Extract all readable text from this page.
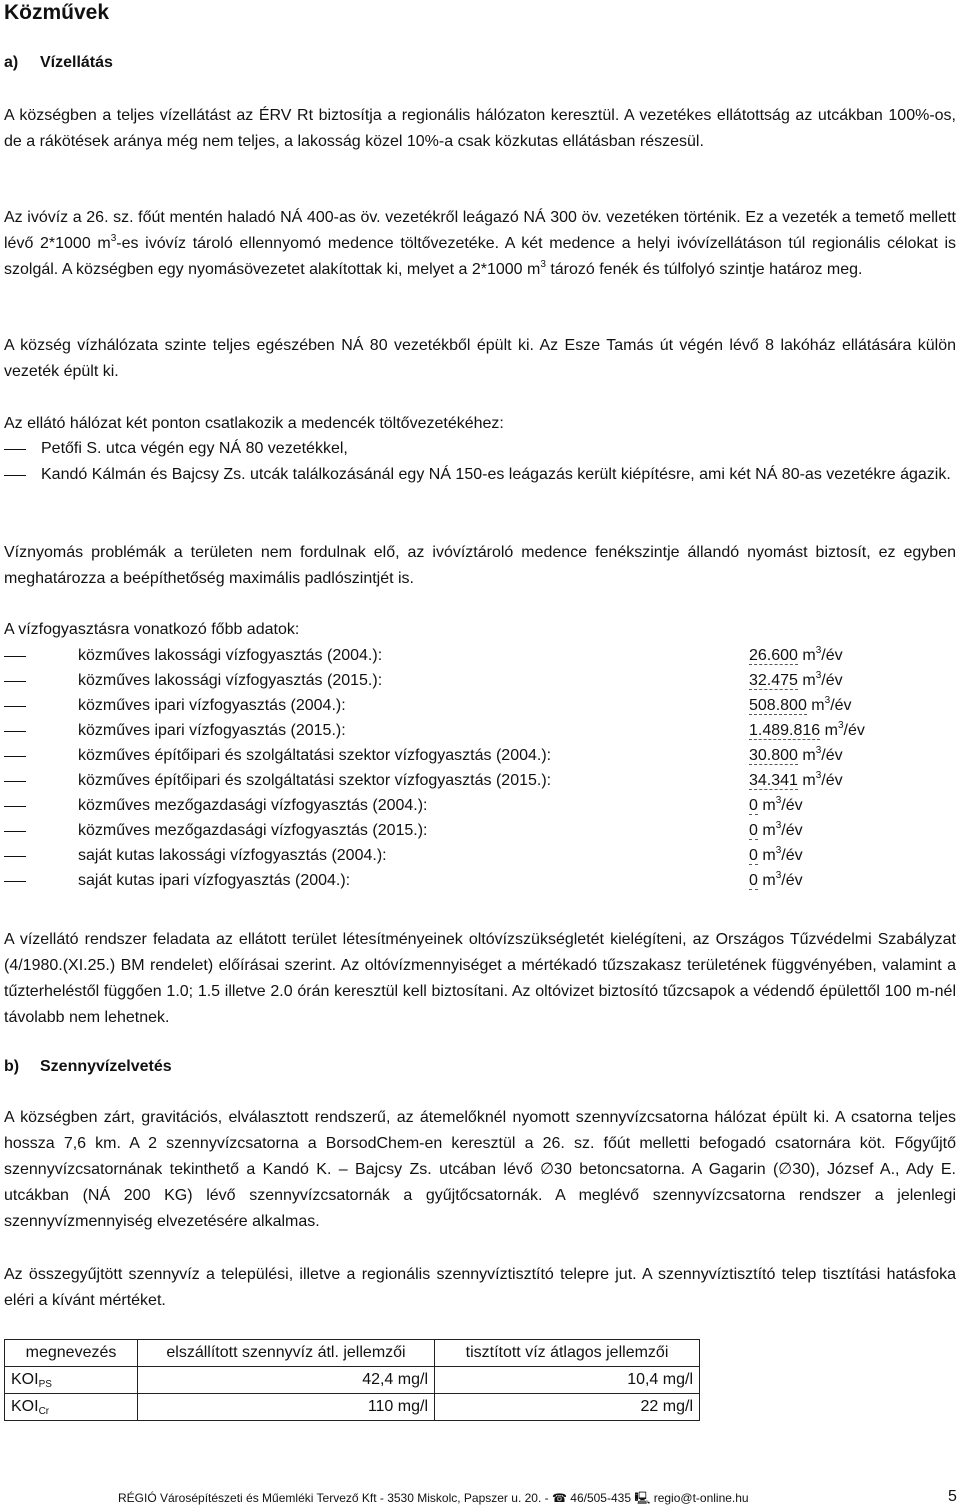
Közművek
a) Vízellátás
A községben a teljes vízellátást az ÉRV Rt biztosítja a regionális hálózaton keresztül. A vezetékes ellátottság az utcákban 100%-os, de a rákötések aránya még nem teljes, a lakosság közel 10%-a csak közkutas ellátásban részesül.
Az ivóvíz a 26. sz. főút mentén haladó NÁ 400-as öv. vezetékről leágazó NÁ 300 öv. vezetéken történik. Ez a vezeték a temető mellett lévő 2*1000 $m^3-es$ ivóvíz tároló ellennyomó medence töltővezetéke. A két medence a helyi ivóvízellátáson túl regionális célokat is szolgál. A községben egy nyomásövezetet alakítottak ki, melyet a 2*1000 $m^3$ tározó fenék és túlfolyó szintje határoz meg.
A község vízhálózata szinte teljes egészében NÁ 80 vezetékből épült ki. Az Esze Tamás út végén lévő 8 lakóház ellátására külön vezeték épült ki.
Az ellátó hálózat két ponton csatlakozik a medencék töltővezetékéhez:
Petőfi S. utca végén egy NÁ 80 vezetékkel,
Kandó Kálmán és Bajcsy Zs. utcák találkozásánál egy NÁ 150-es leágazás került kiépítésre, ami két NÁ 80-as vezetékre ágazik.
Víznyomás problémák a területen nem fordulnak elő, az ivóvíztároló medence fenékszintje állandó nyomást biztosít, ez egyben meghatározza a beépíthetőség maximális padlószintjét is.
A vízfogyasztásra vonatkozó főbb adatok:
közműves lakossági vízfogyasztás (2004.):	26.600 $m^3/év$
közműves lakossági vízfogyasztás (2015.):	32.475 $m^3/év$
közműves ipari vízfogyasztás (2004.):	508.800 $m^3/év$
közműves ipari vízfogyasztás (2015.):	1.489.816 $m^3/év$
közműves építőipari és szolgáltatási szektor vízfogyasztás (2004.):	30.800 $m^3/év$
közműves építőipari és szolgáltatási szektor vízfogyasztás (2015.):	34.341 $m^3/év$
közműves mezőgazdasági vízfogyasztás (2004.):	0 $m^3/év$
közműves mezőgazdasági vízfogyasztás (2015.):	0 $m^3/év$
saját kutas lakossági vízfogyasztás (2004.):	0 $m^3/év$
saját kutas ipari vízfogyasztás (2004.):	0 $m^3/év$
A vízellátó rendszer feladata az ellátott terület létesítményeinek oltóvízszükségletét kielégíteni, az Országos Tűzvédelmi Szabályzat (4/1980.(XI.25.) BM rendelet) előírásai szerint. Az oltóvízmennyiséget a mértékadó tűzszakasz területének függvényében, valamint a tűzterheléstől függően 1.0; 1.5 illetve 2.0 órán keresztül kell biztosítani. Az oltóvizet biztosító tűzcsapok a védendő épülettől 100 m-nél távolabb nem lehetnek.
b) Szennyvízelvetés
A községben zárt, gravitációs, elválasztott rendszerű, az átemelőknél nyomott szennyvízcsatorna hálózat épült ki. A csatorna teljes hossza 7,6 km. A 2 szennyvízcsatorna a BorsodChem-en keresztül a 26. sz. főút melletti befogadó csatornára köt. Főgyűjtő szennyvízcsatornának tekinthető a Kandó K. – Bajcsy Zs. utcában lévő ∅30 betoncsatorna. A Gagarin (∅30), József A., Ady E. utcákban (NÁ 200 KG) lévő szennyvízcsatornák a gyűjtőcsatornák. A meglévő szennyvízcsatorna rendszer a jelenlegi szennyvízmennyiség elvezetésére alkalmas.
Az összegyűjtött szennyvíz a települési, illetve a regionális szennyvíztisztító telepre jut. A szennyvíztisztító telep tisztítási hatásfoka eléri a kívánt mértéket.
megnevezés	elszállított szennyvíz átl. jellemzői	tisztított víz átlagos jellemzői
$KOI_{PS}$	42,4 mg/l	10,4 mg/l
$KOI_{Cr}$	110 mg/l	22 mg/l
RÉGIÓ Városépítészeti és Műemléki Tervező Kft - 3530 Miskolc, Papszer u. 20. - ☎ 46/505-435 🖳 regio@t-online.hu	5
